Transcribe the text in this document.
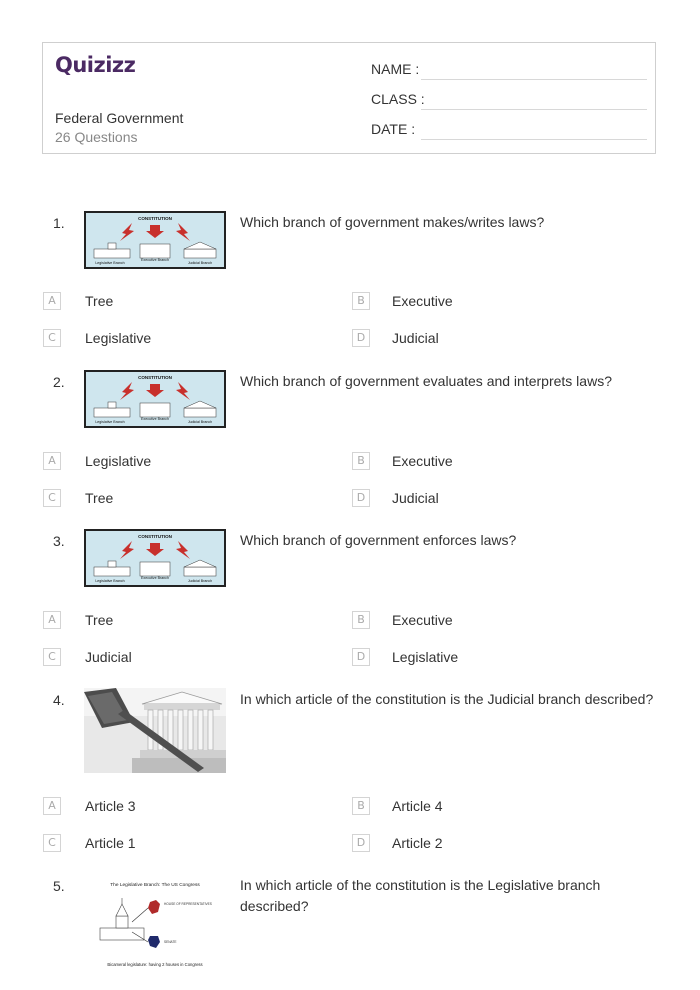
Quizizz
Federal Government
26 Questions
NAME :
CLASS :
DATE :
1.	CONSTITUTION
Legislative Branch
Executive Branch
Judicial Branch
Which branch of government makes/writes laws?
A	Tree	B	Executive
C	Legislative	D	Judicial
2.	CONSTITUTION
Legislative Branch
Executive Branch
Judicial Branch
Which branch of government evaluates and interprets laws?
A	Legislative	B	Executive
C	Tree	D	Judicial
3.	CONSTITUTION
Legislative Branch
Executive Branch
Judicial Branch
Which branch of government enforces laws?
A	Tree	B	Executive
C	Judicial	D	Legislative
4.	In which article of the constitution is the Judicial branch described?
A	Article 3	B	Article 4
C	Article 1	D	Article 2
5.	The Legislative Branch: The US Congress
HOUSE OF REPRESENTATIVES
SENATE
Bicameral legislature: having 2 houses in Congress
In which article of the constitution is the Legislative branch described?
